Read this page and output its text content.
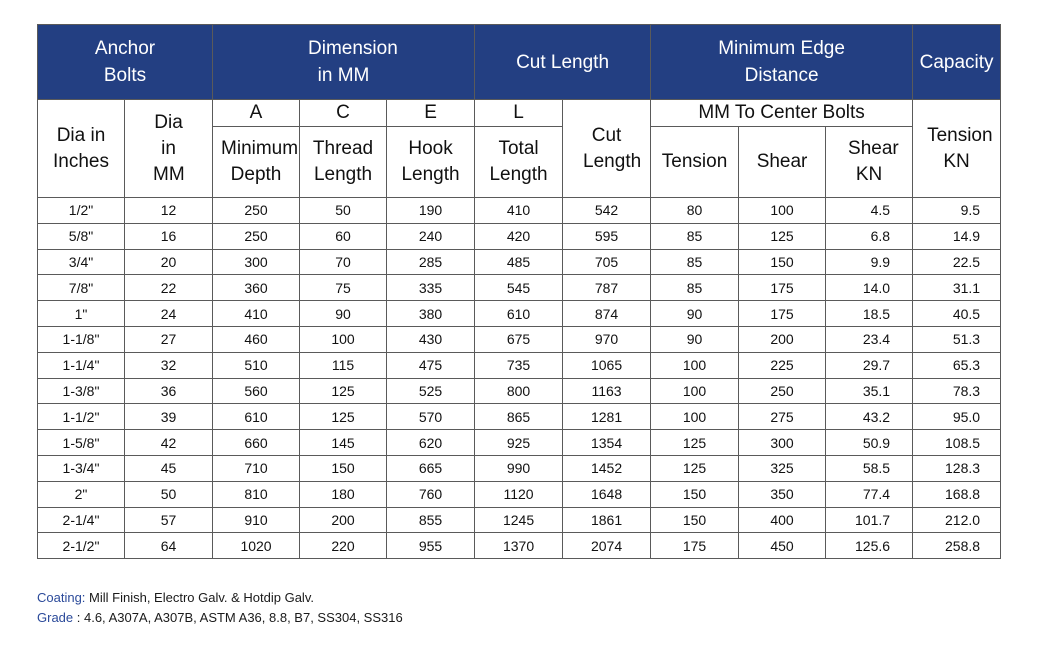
Anchor Bolts		Dimension in MM			Cut Length		Minimum Edge Distance			Capacity
Dia in Inches	Dia in MM	A	C	E	L	Cut Length	MM To Center Bolts			Tension KN
		Minimum Depth	Thread Length	Hook Length	Total Length		Tension	Shear	Shear KN	
1/2"	12	250	50	190	410	542	80	100	4.5	9.5
5/8"	16	250	60	240	420	595	85	125	6.8	14.9
3/4"	20	300	70	285	485	705	85	150	9.9	22.5
7/8"	22	360	75	335	545	787	85	175	14.0	31.1
1"	24	410	90	380	610	874	90	175	18.5	40.5
1-1/8"	27	460	100	430	675	970	90	200	23.4	51.3
1-1/4"	32	510	115	475	735	1065	100	225	29.7	65.3
1-3/8"	36	560	125	525	800	1163	100	250	35.1	78.3
1-1/2"	39	610	125	570	865	1281	100	275	43.2	95.0
1-5/8"	42	660	145	620	925	1354	125	300	50.9	108.5
1-3/4"	45	710	150	665	990	1452	125	325	58.5	128.3
2"	50	810	180	760	1120	1648	150	350	77.4	168.8
2-1/4"	57	910	200	855	1245	1861	150	400	101.7	212.0
2-1/2"	64	1020	220	955	1370	2074	175	450	125.6	258.8
Coating: Mill Finish, Electro Galv. & Hotdip Galv.
Grade : 4.6, A307A, A307B, ASTM A36, 8.8, B7, SS304, SS316
